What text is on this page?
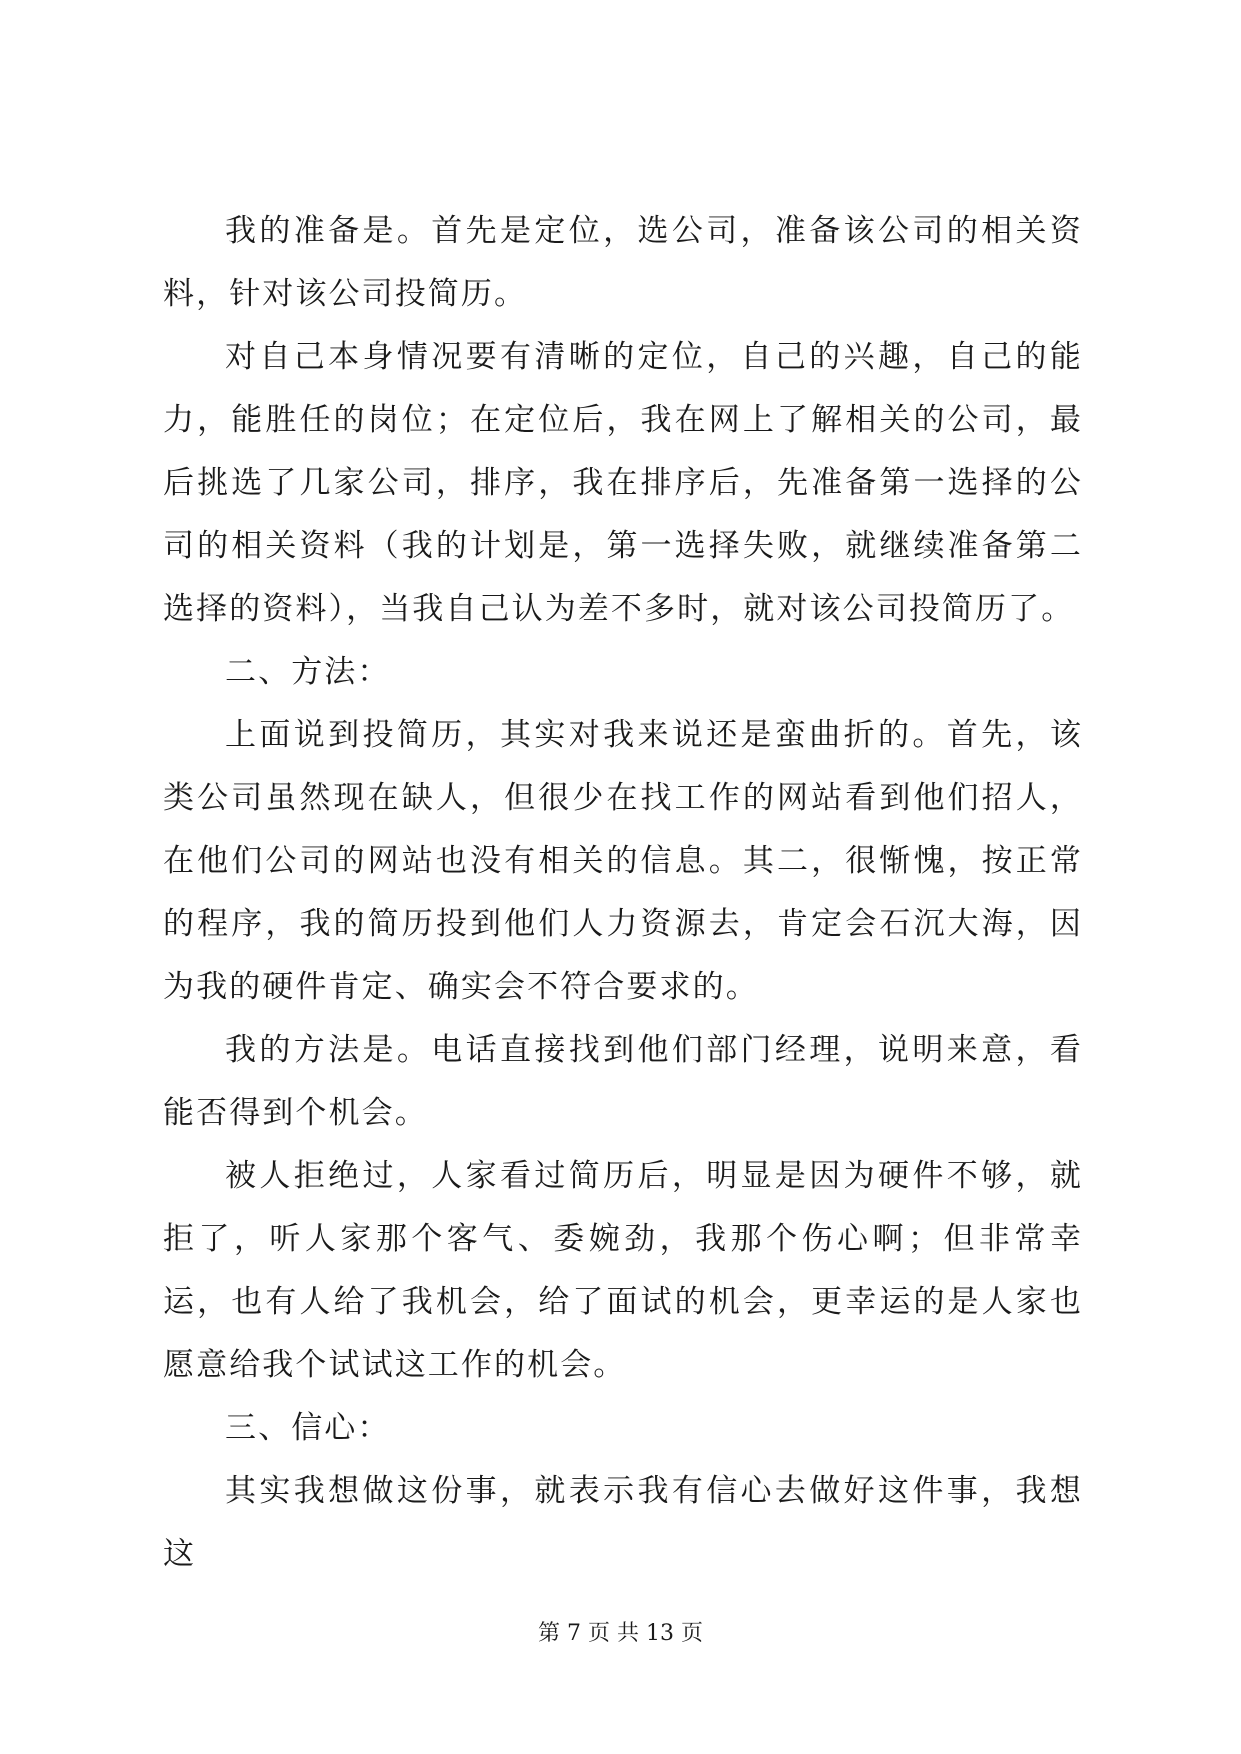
我的准备是。首先是定位，选公司，准备该公司的相关资料，针对该公司投简历。

对自己本身情况要有清晰的定位，自己的兴趣，自己的能力，能胜任的岗位；在定位后，我在网上了解相关的公司，最后挑选了几家公司，排序，我在排序后，先准备第一选择的公司的相关资料（我的计划是，第一选择失败，就继续准备第二选择的资料），当我自己认为差不多时，就对该公司投简历了。

二、方法：

上面说到投简历，其实对我来说还是蛮曲折的。首先，该类公司虽然现在缺人，但很少在找工作的网站看到他们招人，在他们公司的网站也没有相关的信息。其二，很惭愧，按正常的程序，我的简历投到他们人力资源去，肯定会石沉大海，因为我的硬件肯定、确实会不符合要求的。

我的方法是。电话直接找到他们部门经理，说明来意，看能否得到个机会。

被人拒绝过，人家看过简历后，明显是因为硬件不够，就拒了，听人家那个客气、委婉劲，我那个伤心啊；但非常幸运，也有人给了我机会，给了面试的机会，更幸运的是人家也愿意给我个试试这工作的机会。

三、信心：

其实我想做这份事，就表示我有信心去做好这件事，我想这

第 7 页 共 13 页
